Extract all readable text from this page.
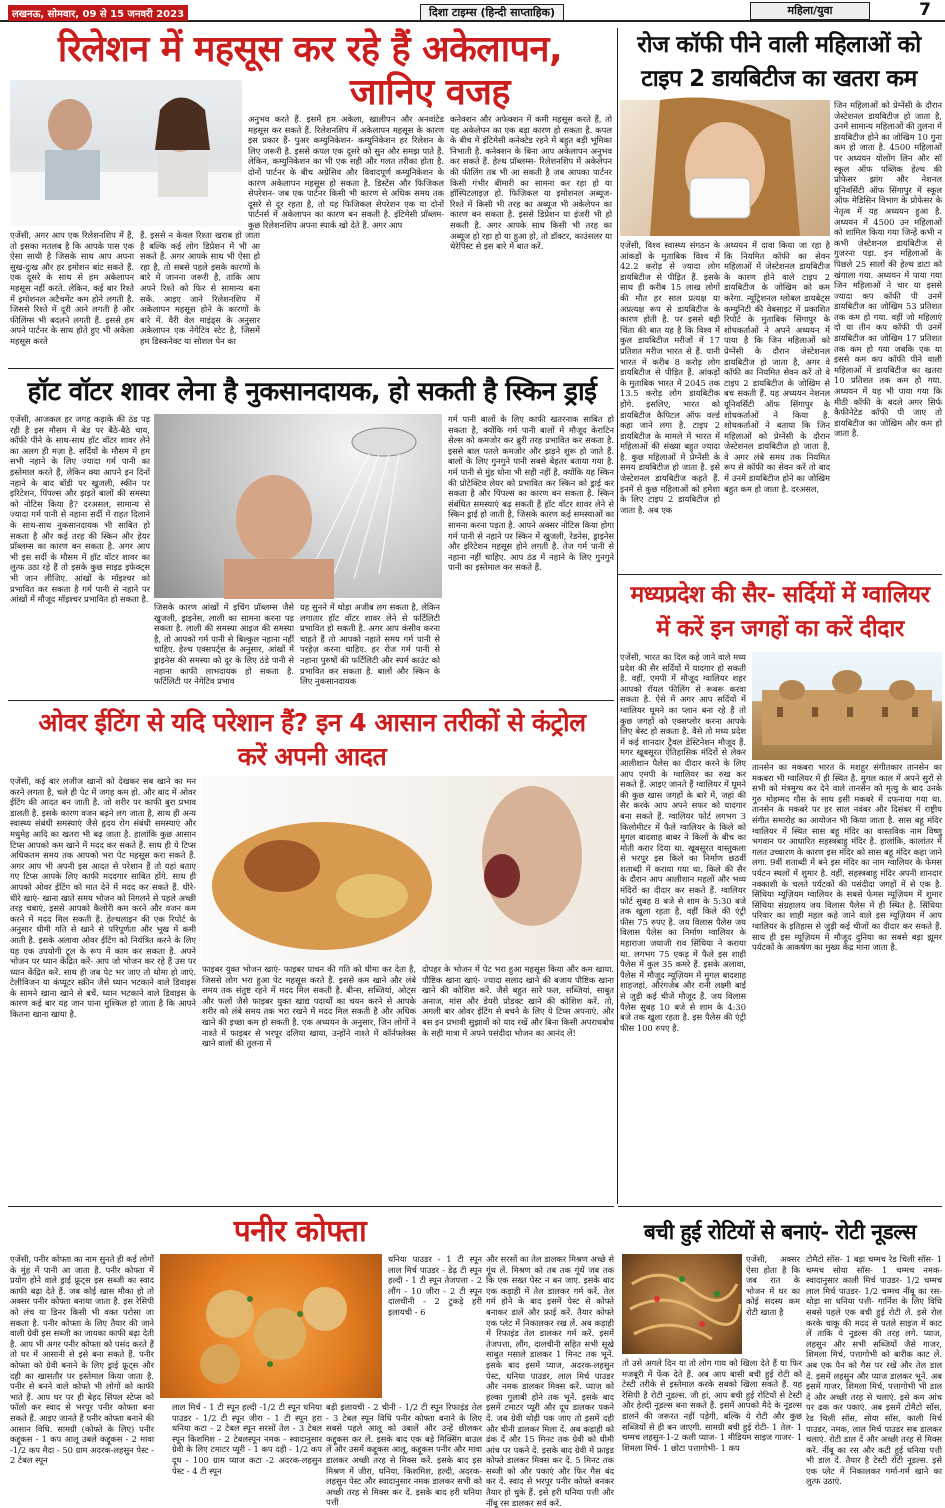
लखनऊ, सोमवार, 09 से 15 जनवरी 2023	दिशा टाइम्स (हिन्दी साप्ताहिक)	महिला/युवा	7
रिलेशन में महसूस कर रहे हैं अकेलापन,
जानिए वजह
एजेंसी, अगर आप एक रिलेशनशिप में हैं, तो इसका मतलब है कि आपके पास एक ऐसा साथी है जिसके साथ आप अपना सुख-दुःख और हर इमोशन बांट सकते हैं. एक दूसरे के साथ से हम अकेलापन महसूस नहीं करते. लेकिन, कई बार रिश्ते में इमोशनल अटैचमेंट कम होने लगती है. जिससे रिश्ते में दूरी आने लगती है और फीलिंग्स भी बदलने लगती हैं. इससे हम अपने पार्टनर के साथ होते हुए भी अकेला महसूस करते
हैं. इससे न केवल रिश्ता खराब हो जाता है बल्कि कई लोग डिप्रेशन में भी आ सकते हैं. अगर आपके साथ भी ऐसा हो रहा है, तो सबसे पहले इसके कारणों के बारे में जानना जरूरी है, ताकि आप अपने रिश्ते को फिर से सामान्य बना सकें. आइए जाने रिलेशनशिप में अकेलापन महसूस होने के कारणों के बारे में. वैरी वेल माइंड्स के अनुसार अकेलापन एक नेगेटिव स्टेट है, जिसमें हम डिस्कनेक्ट या सोशल पेन का
अनुभव करते हैं. इसमें हम अकेला, खालीपन और अनवांटेड महसूस कर सकते हैं. रिलेशनशिप में अकेलापन महसूस के कारण इस प्रकार हैं- पुअर कम्युनिकेशन- कम्युनिकेशन हर रिलेशन के लिए जरूरी है. इससे कपल एक दूसरे को सुन और समझ पाते हैं. लेकिन, कम्युनिकेशन का भी एक सही और गलत तरीका होता है. दोनों पार्टनर के बीच अग्रेसिव और विवादपूर्ण कम्युनिकेशन के कारण अकेलापन महसूस हो सकता है. डिस्टेंस और फिजिकल सेपरेशन- जब एक पार्टनर किसी भी कारण से अधिक समय तक दूसरे से दूर रहता है, तो यह फिजिकल सेपरेशन एक या दोनों पार्टनर्स में अकेलापन का कारण बन सकती है. इंटिमेसी प्रॉब्लम- कुछ रिलेशनशिप अपना स्पार्क खो देते हैं. अगर आप
कनेक्शन और अफेक्शन में कमी महसूस करते हैं, तो यह अकेलेपन का एक बड़ा कारण हो सकता है. कपल के बीच में इंटिमेसी कनेक्टेड रहने में बहुत बड़ी भूमिका निभाती है. कनेक्शन के बिना आप अकेलापन अनुभव कर सकते हैं. हेल्थ प्रॉब्लम्स- रिलेशनशिप में अकेलेपन की फीलिंग तब भी आ सकती है जब आपका पार्टनर किसी गंभीर बीमारी का सामना कर रहा हो या हॉस्पिटलाइज़ हो. फिजिकल या इमोशनल अब्यूज- रिश्ते में किसी भी तरह का अब्यूज भी अकेलेपन का कारण बन सकता है. इससे डिप्रेशन या इंजरी भी हो सकती है. अगर आपके साथ किसी भी तरह का अब्यूज हो रहा हो या हुआ हो, तो डॉक्टर, काउंसलर या थेरेपिस्ट से इस बारे में बात करें.
हॉट वॉटर शावर लेना है नुकसानदायक, हो सकती है स्किन ड्राई
एजेंसी, आजकल हर जगह कड़ाके की ठंड पड़ रही है इस मौसम में बेड पर बैठे-बैठे चाय, कॉफी पीने के साथ-साथ हॉट वॉटर शावर लेने का अलग ही मज़ा है. सर्दियों के मौसम में हम सभी नहाने के लिए ज्यादा गर्म पानी का इस्तेमाल करते हैं, लेकिन क्या आपने इन दिनों नहाने के बाद बॉडी पर खुजली, स्कीन पर इरिटेशन, पिंपल्स और झड़ते बालों की समस्या को नोटिस किया है? दरअसल, सामान्य से ज्यादा गर्म पानी से नहाना सर्दी में राहत दिलाने के साथ-साथ नुकसानदायक भी साबित हो सकता है और कई तरह की स्किन और हेयर प्रॉब्लम्स का कारण बन सकता है. अगर आप भी इस सर्दी के मौसम में हॉट वॉटर शावर का लुत्फ उठा रहे हैं तो इसके कुछ साइड इफेक्ट्स भी जान लीजिए. आंखों के मॉइश्चर को प्रभावित कर सकता है गर्म पानी से नहाने पर आंखों में मौजूद मॉइश्चर प्रभावित हो सकता है.
जिसके कारण आंखों में इचिंग प्रॉब्लम्स जैसे खुजली, ड्राइनेस, लाली का सामना करना पड़ सकता है. लाली की समस्या आइज की समस्या है, तो आपको गर्म पानी से बिल्कुल नहाना नहीं चाहिए. हेल्थ एक्सपर्ट्स के अनुसार, आंखों में ड्राइनेस की समस्या को दूर के लिए ठंडे पानी से नहाना काफी लाभदायक हो सकता है. फर्टिलिटी पर नेगेटिव प्रभाव
यह सुनने में थोड़ा अजीब लग सकता है, लेकिन लगातार हॉट वॉटर शावर लेने से फर्टिलिटी प्रभावित हो सकती है. अगर आप कंसीव करना चाहते हैं तो आपको नहाते समय गर्म पानी से परहेज़ करना चाहिए. हर रोज गर्म पानी से नहाना पुरुषों की फर्टिलिटी और स्पर्म काउंट को प्रभावित कर सकता है. बालों और स्किन के लिए नुकसानदायक
गर्म पानी बालों के लिए काफी खतरनाक साबित हो सकता है, क्योंकि गर्म पानी बालों में मौजूद केराटिन सेल्स को कमजोर कर ब्रुरी तरह प्रभावित कर सकता है. इससे बाल पतले कमजोर और झड़ने शुरू हो जाते हैं. बालों के लिए गुनगुने पानी सबसे बेहतर बताया गया है. गर्म पानी से मुंह धोना भी सही नहीं है, क्योंकि यह स्किन की प्रोटेक्टिव लेयर को प्रभावित कर स्किन को ड्राई कर सकता है और पिंपल्स का कारण बन सकता है. स्किन संबंधित समस्याएं बढ़ सकती हैं हॉट वॉटर शावर लेने से स्किन ड्राई हो जाती है, जिसके कारण कई समस्याओं का सामना करना पड़ता है. आपने अक्सर नोटिस किया होगा गर्म पानी से नहाने पर स्किन में खुजली, रेडनेस, ड्राइनेस और इरिटेशन महसूस होने लगती है. तेज गर्म पानी से नहाना नहीं चाहिए. आप ठंड में नहाने के लिए गुनगुने पानी का इस्तेमाल कर सकते हैं.
रोज कॉफी पीने वाली महिलाओं को
टाइप 2 डायबिटीज का खतरा कम
जिन महिलाओं को प्रेग्नेंसी के दौरान जेस्टेशनल डायबिटीज हो जाता है, उनमें सामान्य महिलाओं की तुलना में डायबिटीज होने का जोखिम 10 गुना कम हो जाता है. 4500 महिलाओं पर अध्ययन योलोंग लिन और सॉ स्कूल ऑफ पब्लिक हेल्थ की प्रोफेसर झांग और नेशनल यूनिवर्सिटी ऑफ सिंगापुर में स्कूल ऑफ मेडिसिन विभाग के प्रोफेसर के नेतृत्व में यह अध्ययन हुआ है. अध्ययन में 4500 उन महिलाओं को शामिल किया गया जिन्हें कभी न कभी जेस्टेशनल डायबिटीज से गुजरना पड़ा. इन महिलाओं के पिछले 25 सालों की हेल्थ डाटा को खंगाला गया. अध्ययन में पाया गया जिन महिलाओं ने चार या इससे ज्यादा कप कॉफी पी उनमें डायबिटीज का जोखिम 53 प्रतिशत तक कम हो गया. वहीं जो महिलाएं दो या तीन कप कॉफी पी उनमें डायबिटीज का जोखिम 17 प्रतिशत तक कम हो गया जबकि एक या इससे कम कप कॉफी पीने वाली महिलाओं में डायबिटीज का खतरा 10 प्रतिशत तक कम हो गया. अध्ययन में यह भी पाया गया कि मीठी कॉफी के बदले अगर सिर्फ कैफीनेटेड कॉफी पी जाए तो डायबिटीज का जोखिम और कम हो जाता है.
एजेंसी, विश्व स्वास्थ्य संगठन के आंकड़ों के मुताबिक विश्व में 42.2 करोड़ से ज्यादा लोग डायबिटीज से पीड़ित हैं. इसके साथ ही करीब 15 लाख लोगों की मौत हर साल प्रत्यक्ष या अप्रत्यक्ष रूप से डायबिटीज के कारण होती है. पर इससे बड़ी चिंता की बात यह है कि विश्व में कुल डायबिटीज मरीजों में 17 प्रतिशत मरीज भारत से हैं. यानी भारत में करीब 8 करोड़ लोग डायबिटीज से पीड़ित हैं. आंकड़ों के मुताबिक भारत में 2045 तक 13.5 करोड़ लोग डायबिटीक होंगे. इसलिए, भारत को डायबिटीज कैपिटल ऑफ वर्ल्ड कहा जाने लगा है. टाइप 2 डायबिटीज के मामले में भारत में महिलाओं की संख्या बहुत ज्यादा है. कुछ महिलाओं में प्रेग्नेंसी के समय डायबिटीज हो जाता है. इसे जेस्टेशनल डायबिटीज कहते हैं. इनमें से कुछ महिलाओं को हमेशा के लिए टाइप 2 डायबिटीज हो जाता है. अब एक
अध्ययन में दावा किया जा रहा है कि नियमित कॉफी का सेवन महिलाओं में जेस्टेशनल डायबिटीज के कारण होने वाले टाइप 2 डायबिटीज के जोखिम को कम करेगा. न्यूट्रिशनल ग्लोबल डायबेट्स कम्युनिटी की वेबसाइट में प्रकाशित रिपोर्ट के मुताबिक सिंगापुर के शोधकर्ताओं ने अपने अध्ययन में पाया है कि जिन महिलाओं को प्रेग्नेंसी के दौरान जेस्टेशनल डायबिटीज हो जाता है, अगर वे कॉफी का नियमित सेवन करें तो वे टाइप 2 डायबिटीज के जोखिम से बच सकती हैं. यह अध्ययन नेशनल यूनिवर्सिटी ऑफ सिंगापुर के शोधकर्ताओं ने किया है. शोधकर्ताओं ने बताया कि जिन महिलाओं को प्रेग्नेंसी के दौरान जेस्टेशनल डायबिटीज हो जाता है, वे अगर लंबे समय तक नियमित रूप से कॉफी का सेवन करें तो बाद में उनमें डायबिटीज होने का जोखिम बहुत कम हो जाता है. दरअसल,
मध्यप्रदेश की सैर- सर्दियों में ग्वालियर
में करें इन जगहों का करें दीदार
एजेंसी, भारत का दिल कहे जाने वाले मध्य प्रदेश की सैर सर्दियों में यादगार हो सकती है. वहीं, एमपी में मौजूद ग्वालियर शहर आपको रॉयल फीलिंग से रूबरू करवा सकता है. ऐसे में अगर आप सर्दियों में ग्वालियर घूमने का प्लान बना रहे हैं तो कुछ जगहों को एक्सप्लोर करना आपके लिए बेस्ट हो सकता है. वैसे तो मध्य प्रदेश में कई शानदार ट्रैवल डेस्टिनेशन मौजूद हैं. मगर खूबसूरत ऐतिहासिक मंदिरों से लेकर आलीशान पैलेस का दीदार करने के लिए आप एमपी के ग्वालियर का रुख कर सकते हैं. आइए जानते हैं ग्वालियर में घूमने की कुछ खास जगहों के बारे में, जहां की सैर करके आप अपने सफर को यादगार बना सकते हैं. ग्वालियर फोर्ट लगभग 3 किलोमीटर में फैले ग्वालियर के किले को मुगल बादशाह बाबर ने किलों के बीच का मोती करार दिया था. खूबसूरत वास्तुकला से भरपूर इस किले का निर्माण छठवीं शताब्दी में कराया गया था. किले की सैर के दौरान आप आलीशान महलों और भव्य मंदिरों का दीदार कर सकते हैं. ग्वालियर फोर्ट सुबह 8 बजे से शाम के 5:30 बजे तक खुला रहता है, वहीं किले की एंट्री फीस 75 रुपए है. जय विलास पैलेस जय विलास पैलेस का निर्माण ग्वालियर के महाराजा जयाजी राव सिंधिया ने कराया था. लगभग 75 एकड़ में फैले इस शाही पैलेस में कुल 35 कमरे हैं. इसके अलावा, पैलेस में मौजूद म्यूज़ियम में मुगल बादशाह शाहजहां, औरंगजेब और रानी लक्ष्मी बाई से जुड़ी कई चीजें मौजूद हैं. जय विलास पैलेस सुबह 10 बजे से शाम के 4:30 बजे तक खुला रहता है. इस पैलेस की एंट्री फीस 100 रुपए है.
तानसेन का मकबरा भारत के मशहूर संगीतकार तानसेन का मकबरा भी ग्वालियर में ही स्थित है. मुगल काल में अपने सुरों से सभी को मंत्रमुग्ध कर देने वाले तानसेन को मृत्यु के बाद उनके गुरु मोहम्मद गौस के साथ इसी मकबरे में दफनाया गया था. तानसेन के मकबरे पर हर साल नवंबर और दिसंबर में राष्ट्रीय संगीत समारोह का आयोजन भी किया जाता है. सास बहू मंदिर ग्वालियर में स्थित सास बहू मंदिर का वास्तविक नाम विष्णु भगवान पर आधारित सहस्त्रबाहु मंदिर है. हालांकि, कालांतर में गलत उच्चारण के कारण इस मंदिर को सास बहू मंदिर कहा जाने लगा. 9वीं शताब्दी में बने इस मंदिर का नाम ग्वालियर के फेमस पर्यटन स्थलों में शुमार है. वहीं, सहस्त्रबाहु मंदिर अपनी शानदार नक्काशी के चलते पर्यटकों की पसंदीदा जगहों में से एक है. सिंधिया म्यूज़ियम ग्वालियर के सबसे फेमस म्यूज़ियम में शुमार सिंधिया संग्रहालय जय विलास पैलेस में ही स्थित है. सिंधिया परिवार का शाही महल कहे जाने वाले इस म्यूज़ियम में आप ग्वालियर के इतिहास से जुड़ी कई चीजों का दीदार कर सकते हैं. साथ ही इस म्यूज़ियम में मौजूद दुनिया का सबसे बड़ा झूमर पर्यटकों के आकर्षण का मुख्य केंद्र माना जाता है.
ओवर ईटिंग से यदि परेशान हैं? इन 4 आसान तरीकों से कंट्रोल
करें अपनी आदत
एजेंसी, कई बार लजीज खानों को देखकर सब खाने का मन करने लगता है, चले ही पेट में जगह कम हो. और बाद में ओवर ईटिंग की आदत बन जाती है. जो शरीर पर काफी बुरा प्रभाव डालती है. इसके कारण वजन बढ़ने लग जाता है, साथ ही अन्य स्वास्थ्य संबंधी समस्याएं जैसे हृदय रोग संबंधी समस्याएं और मधुमेह आदि का खतरा भी बढ़ जाता है. हालांकि कुछ आसान टिप्स आपको कम खाने में मदद कर सकते हैं. साथ ही ये टिप्स अधिकतम समय तक आपको भरा पेट महसूस करा सकते हैं. अगर आप भी अपनी इस आदत से परेशान हैं तो यहां बताए गए टिप्स आपके लिए काफी मददगार साबित होंगे. साथ ही आपको ओवर ईटिंग को मात देने में मदद कर सकते हैं. धीरे-धीरे खाएं- खाना खाते समय भोजन को निगलने से पहले अच्छी तरह चबाएं, इससे आपको कैलोरी कम करने और वजन कम करने में मदद मिल सकती है. हेल्थलाइन की एक रिपोर्ट के अनुसार धीमी गति से खाने से परिपूर्णता और भूख में कमी आती है. इसके अलावा ओवर ईटिंग को नियंत्रित करने के लिए यह एक उपयोगी टूल के रूप में काम कर सकता है. अपने भोजन पर ध्यान केंद्रित करें- आप जो भोजन कर रहे हैं उस पर ध्यान केंद्रित करें. साथ ही जब पेट भर जाए तो थोमा हो जाएं. टेलीविजन या कंप्यूटर स्क्रीन जैसे ध्यान भटकाने वाले डिवाइस के सामने खाना खाने से बचें. ध्यान भटकाने वाले डिवाइस के कारण कई बार यह जान पाना मुश्किल हो जाता है कि आपने कितना खाना खाया है.
फाइबर युक्त भोजन खाएं- फाइबर पाचन की गति को धीमा कर देता है, जिससे लोग भरा हुआ पेट महसूस करते हैं. इससे कम खाने और लंबे समय तक संतुष्ट रहने में मदद मिल सकती है. बीन्स, सब्जियां, ओट्स और फलों जैसे फाइबर युक्त खाद्य पदार्थों का चयन करने से आपके शरीर को लंबे समय तक भरा रखने में मदद मिल सकती है और अधिक खाने की इच्छा कम हो सकती है. एक अध्ययन के अनुसार, जिन लोगों ने नाश्ते में फाइबर से भरपूर दलिया खाया, उन्होंने नाश्ते में कॉर्नफ्लेक्स खाने वालों की तुलना में
दोपहर के भोजन में पेट भरा हुआ महसूस किया और कम खाया. पौष्टिक खाना खाएं- ज्यादा सलाद खाने की बजाय पौष्टिक खाना खाने की कोशिश करें. जैसे बहुत सारे फल, सब्जियां, साबुत अनाज, मांस और डेयरी प्रोडक्ट खाने की कोशिश करें. तो, अगली बार ओवर ईटिंग से बचने के लिए ये टिप्स अपनाएं. और बस इन प्रभावी सुझावों को याद रखें और बिना किसी अपराधबोध के सही मात्रा में अपने पसंदीदा भोजन का आनंद लें!
पनीर कोफ्ता
एजेंसी, पनीर कोफ्ता का नाम सुनते ही कई लोगों के मुंह में पानी आ जाता है. पनीर कोफ्ता में प्रयोग होने वाले ड्राई फ्रूट्स इस सब्जी का स्वाद काफी बढ़ा देते हैं. जब कोई खास मौका हो तो अक्सर पनीर कोफ्ता बनाया जाता है. इस रेसिपी को लंच या डिनर किसी भी वक्त परोसा जा सकता है. पनीर कोफ्ता के लिए तैयार की जाने वाली ग्रेवी इस सब्जी का जायका काफी बढ़ा देती है. आप भी अगर पनीर कोफ्ता को पसंद करते हैं तो घर में आसानी से इसे बना सकते हैं. पनीर कोफ्ता को ग्रेवी बनाने के लिए ड्राई फ्रूट्स और दही का खासतौर पर इस्तेमाल किया जाता है. पनीर से बनने वाले कोफ्ते भी लोगों को काफी भाते हैं. आप घर पर ही बेहद सिंपल स्टेप्स को फॉलो कर स्वाद से भरपूर पनीर कोफ्ता बना सकते हैं. आइए जानते हैं पनीर कोफ्ता बनाने की आसान विधि. सामग्री (कोफ्ते के लिए) पनीर कद्दूकस - 1 कप आलू उबले कद्दूकस - 2 मावा -1/2 कप मैदा - 50 ग्राम अदरक-लहसुन पेस्ट - 2 टेबल स्पून
धनिया पाउडर - 1 टी स्पून लाल मिर्च पाउडर - डेढ़ टी स्पून हल्दी - 1 टी स्पून तेजपत्ता - 2 लौंग - 10 जीरा - 2 टी स्पून दालचीनी - 2 टुकड़े हरी इलायची - 6
लाल मिर्च - 1 टी स्पून हल्दी -1/2 टी स्पून धनिया पाउडर - 1/2 टी स्पून जीरा - 1 टी स्पून हरा धनिया कटा - 2 टेबल स्पून सरसों तेल - 3 टेबल स्पून किशमिश - 2 टेबलस्पून नमक - स्वादानुसार ग्रेवी के लिए टमाटर प्यूरी - 1 कप दही - 1/2 कप दूध - 100 ग्राम प्याज कटा -2 अदरक-लहसुन पेस्ट - 4 टी स्पून
बड़ी इलायची - 2 चीनी - 1/2 टी स्पून रिफाइंड तेल - 3 टेबल स्पून विधि पनीर कोफ्ता बनाने के लिए सबसे पहले आलू को उबालें और उन्हें छीलकर कद्दूकस कर लें. इसके बाद एक बड़े मिक्सिंग बाउल लें और उसमें कद्दूकस आलू, कद्दूकस पनीर और मावा डालकर अच्छी तरह से मिक्स करें. इसके बाद इस मिश्रण में जीरा, धनिया, किशमिश, हल्दी, अदरक-लहसुन पेस्ट और स्वादानुसार नमक डालकर सभी को अच्छी तरह से मिक्स कर दें. इसके बाद हरी धनिया पत्ती
और सरसों का तेल डालकर मिश्रण अच्छे से गूंथ लें. मिश्रण को तब तक गूंथें जब तक कि एक सख्त पेस्ट न बन जाए. इसके बाद एक कड़ाही में तेल डालकर गर्म करें. तेल गर्म होने के बाद इसमें पेस्ट से कोफ्ते बनाकर डालें और फ्राई करें. तैयार कोफ्ते एक प्लेट में निकालकर रख लें. अब कड़ाही में रिफाइंड तेल डालकर गर्म करें. इसमें तेजपत्ता, लौंग, दालचीनी सहित सभी सूखे साबुत मसाले डालकर 1 मिनट तक भूनें. इसके बाद इसमें प्याज, अदरक-लहसुन पेस्ट, धनिया पाउडर, लाल मिर्च पाउडर और नमक डालकर मिक्स करें. प्याज को हल्का गुलाबी होने तक भूनें. इसके बाद इसमें टमाटर प्यूरी और दूध डालकर पकने दें. जब ग्रेवी थोड़ी पक जाए तो इसमें दही और चीनी डालकर मिला दें. अब कड़ाही को ढंक दें और 15 मिनट तक ग्रेवी को धीमी आंच पर पकने दें. इसके बाद ग्रेवी में फ्राइड कोफ्ते डालकर मिक्स कर दें. 5 मिनट तक सब्जी को और पकाएं और फिर गैस बंद कर दें. स्वाद से भरपूर पनीर कोफ्ते बनकर तैयार हो चुके हैं. इसे हरी धनिया पत्ती और नींबू रस डालकर सर्व करें.
बची हुई रोटियों से बनाएं- रोटी नूडल्स
एजेंसी, अक्सर ऐसा होता है कि जब रात के भोजन में घर का कोई सदस्य कम रोटी खाता है
तो उसे अगले दिन या तो लोग गाय को खिला देते हैं या फिर मजबूरी में फेंक देते हैं. अब आप बासी बची हुई रोटी को टेस्टी तरीके से इस्तेमाल करके सबको खिला सकते हैं. यह रेसिपी है रोटी नूडल्स. जी हां, आप बची हुई रोटियों से टेस्टी और हेल्दी नूडल्स बना सकते हैं. इसमें आपको मैदे के नूडल्स डालने की जरूरत नहीं पड़ेगी, बल्कि ये रोटी और कुछ सब्जियों से ही बन जाएगी. सामग्री बची हुई रोटी- 1 तेल- 1 चम्मच लहसुन-1-2 कली प्याज- 1 मीडियम साइज गाजर- 1 शिमला मिर्च- 1 छोटा पत्तागोभी- 1 कप
टोमैटो सॉस- 1 बड़ा चम्मच रेड चिली सॉस- 1 चम्मच सोया सॉस- 1 चम्मच नमक-स्वादानुसार काली मिर्च पाउडर- 1/2 चम्मच लाल मिर्च पाउडर- 1/2 चम्मच नींबू का रस- थोड़ा सा धनिया पत्ती- गार्निश के लिए विधि सबसे पहले एक बची हुई रोटी लें. इसे रोल करके चाकू की मदद से पतले साइज में काट लें ताकि ये नूडल्स की तरह लगे. प्याज, लहसुन और सभी सब्जियों जैसे गाजर, शिमला मिर्च, पत्तागोभी को बारीक काट लें. अब एक पैन को गैस पर रखें और तेल डाल दें. इसमें लहसुन और प्याज डालकर भूनें. अब इसमें गाजर, शिमला मिर्च, पत्तागोभी भी डाल दें और अच्छी तरह से चलाएं. इसे कम आंच पर ढक कर पकाएं. अब इसमें टोमैटो सॉस, रेड चिली सॉस, सोया सॉस, काली मिर्च पाउडर, नमक, लाल मिर्च पाउडर सब डालकर चलाएं. रोटी डाल दें और अच्छी तरह से मिक्स करें. नींबू का रस और कटी हुई धनिया पत्ती भी डाल दें. तैयार है टेस्टी रोटी नूडल्स. इसे एक प्लेट में निकालकर गर्मा-गर्म खाने का लुत्फ उठाएं.
